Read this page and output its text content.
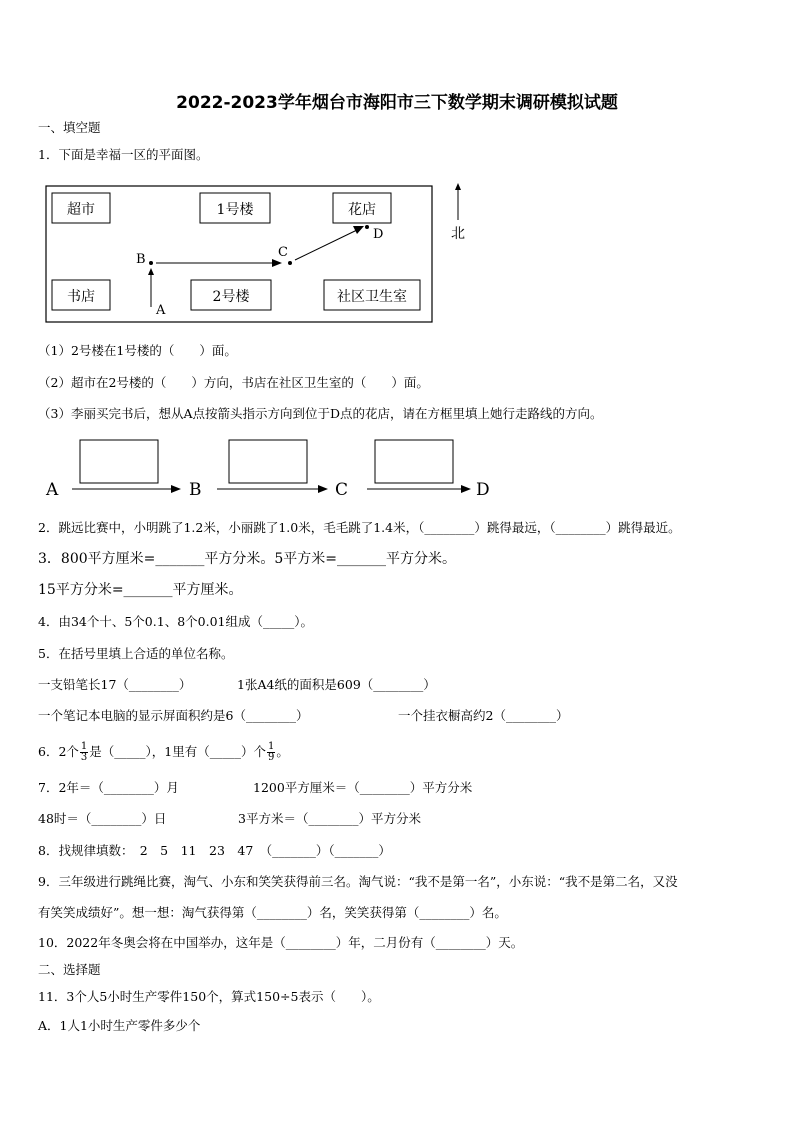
2022-2023学年烟台市海阳市三下数学期末调研模拟试题
一、填空题
1．下面是幸福一区的平面图。
超市	1号楼	花店
书店	2号楼	社区卫生室
A
B	C
D	北
（1）2号楼在1号楼的（　　）面。
（2）超市在2号楼的（　　）方向，书店在社区卫生室的（　　）面。
（3）李丽买完书后，想从A点按箭头指示方向到位于D点的花店，请在方框里填上她行走路线的方向。
A	B	C	D
2．跳远比赛中，小明跳了1.2米，小丽跳了1.0米，毛毛跳了1.4米，（________）跳得最远，（________）跳得最近。
3．800平方厘米=_______平方分米。5平方米=_______平方分米。
15平方分米=_______平方厘米。
4．由34个十、5个0.1、8个0.01组成（_____）。
5．在括号里填上合适的单位名称。
一支铅笔长17（________）	1张A4纸的面积是609（________）
一个笔记本电脑的显示屏面积约是6（________）	一个挂衣橱高约2（________）
6．2个 $\frac{1}{3}$ 是（_____），1里有（_____）个 $\frac{1}{9}$ 。
7．2年＝（________）月	1200平方厘米＝（________）平方分米
48时＝（________）日	3平方米＝（________）平方分米
8．找规律填数：　2　5　11　23　47　（_______）（_______）
9．三年级进行跳绳比赛，淘气、小东和笑笑获得前三名。淘气说：“我不是第一名”，小东说：“我不是第二名，又没
有笑笑成绩好”。想一想：淘气获得第（________）名，笑笑获得第（________）名。
10．2022年冬奥会将在中国举办，这年是（________）年，二月份有（________）天。
二、选择题
11．3个人5小时生产零件150个，算式150÷5表示（　　）。
A．1人1小时生产零件多少个
